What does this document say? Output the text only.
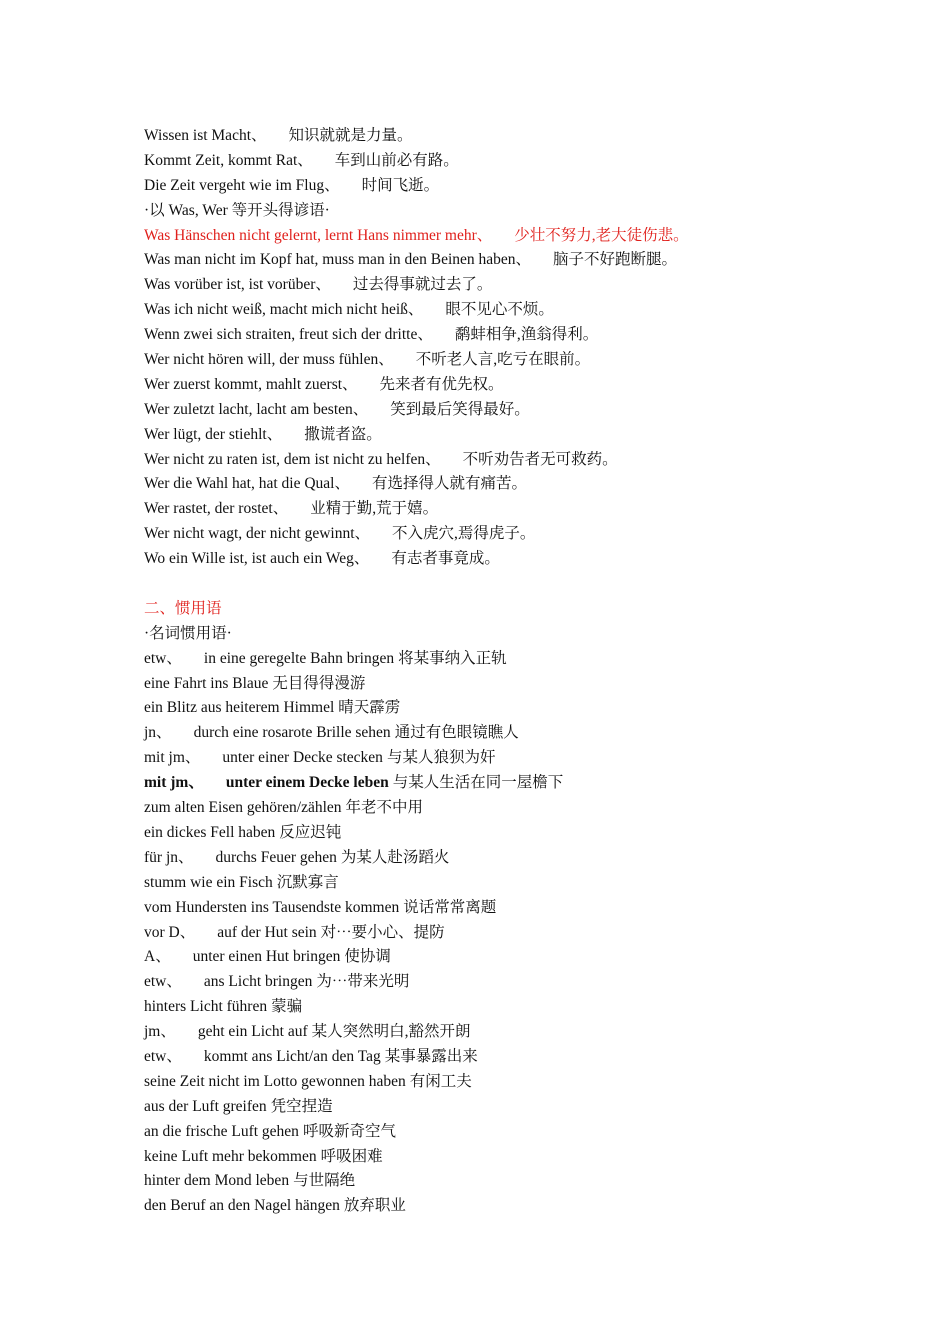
Wissen ist Macht、 知识就就是力量。
Kommt Zeit, kommt Rat、 车到山前必有路。
Die Zeit vergeht wie im Flug、 时间飞逝。
·以 Was, Wer 等开头得谚语·
Was Hänschen nicht gelernt, lernt Hans nimmer mehr、 少壮不努力,老大徒伤悲。
Was man nicht im Kopf hat, muss man in den Beinen haben、 脑子不好跑断腿。
Was vorüber ist, ist vorüber、 过去得事就过去了。
Was ich nicht weiß, macht mich nicht heiß、 眼不见心不烦。
Wenn zwei sich straiten, freut sich der dritte、 鹬蚌相争,渔翁得利。
Wer nicht hören will, der muss fühlen、 不听老人言,吃亏在眼前。
Wer zuerst kommt, mahlt zuerst、 先来者有优先权。
Wer zuletzt lacht, lacht am besten、 笑到最后笑得最好。
Wer lügt, der stiehlt、 撒谎者盗。
Wer nicht zu raten ist, dem ist nicht zu helfen、 不听劝告者无可救药。
Wer die Wahl hat, hat die Qual、 有选择得人就有痛苦。
Wer rastet, der rostet、 业精于勤,荒于嬉。
Wer nicht wagt, der nicht gewinnt、 不入虎穴,焉得虎子。
Wo ein Wille ist, ist auch ein Weg、 有志者事竟成。
二、惯用语
·名词惯用语·
etw、 in eine geregelte Bahn bringen 将某事纳入正轨
eine Fahrt ins Blaue 无目得得漫游
ein Blitz aus heiterem Himmel 晴天霹雳
jn、 durch eine rosarote Brille sehen 通过有色眼镜瞧人
mit jm、 unter einer Decke stecken 与某人狼狈为奸
mit jm、 unter einem Decke leben 与某人生活在同一屋檐下
zum alten Eisen gehören/zählen 年老不中用
ein dickes Fell haben 反应迟钝
für jn、 durchs Feuer gehen 为某人赴汤蹈火
stumm wie ein Fisch 沉默寡言
vom Hundersten ins Tausendste kommen 说话常常离题
vor D、 auf der Hut sein 对⋯要小心、提防
A、 unter einen Hut bringen 使协调
etw、 ans Licht bringen 为⋯带来光明
hinters Licht führen 蒙骗
jm、 geht ein Licht auf 某人突然明白,豁然开朗
etw、 kommt ans Licht/an den Tag 某事暴露出来
seine Zeit nicht im Lotto gewonnen haben 有闲工夫
aus der Luft greifen 凭空捏造
an die frische Luft gehen 呼吸新奇空气
keine Luft mehr bekommen 呼吸困难
hinter dem Mond leben 与世隔绝
den Beruf an den Nagel hängen 放弃职业
